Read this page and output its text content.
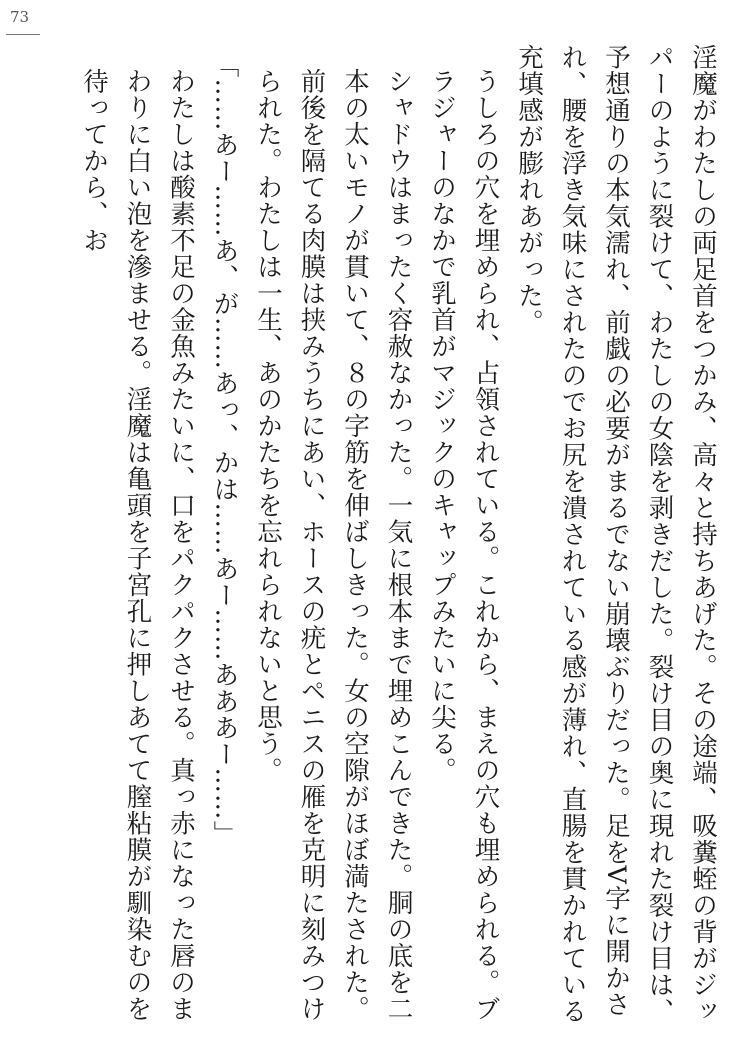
73

淫魔がわたしの両足首をつかみ、高々と持ちあげた。その途端、吸糞蛭の背がジッパーのように裂けて、わたしの女陰を剥きだした。裂け目の奥に現れた裂け目は、予想通りの本気濡れ、前戯の必要がまるでない崩壊ぶりだった。足をV字に開かされ、腰を浮き気味にされたのでお尻を潰されている感が薄れ、直腸を貫かれている充填感が膨れあがった。

うしろの穴を埋められ、占領されている。これから、まえの穴も埋められる。ブラジャーのなかで乳首がマジックのキャップみたいに尖る。

シャドウはまったく容赦なかった。一気に根本まで埋めこんできた。胴の底を二本の太いモノが貫いて、８の字筋を伸ばしきった。女の空隙がほぼ満たされた。前後を隔てる肉膜は挟みうちにあい、ホースの疣とペニスの雁を克明に刻みつけられた。わたしは一生、あのかたちを忘れられないと思う。

「……あー……あ、が……あっ、かは……あー……あああー……」

わたしは酸素不足の金魚みたいに、口をパクパクさせる。真っ赤になった唇のまわりに白い泡を滲ませる。淫魔は亀頭を子宮孔に押しあてて膣粘膜が馴染むのを待ってから、お
